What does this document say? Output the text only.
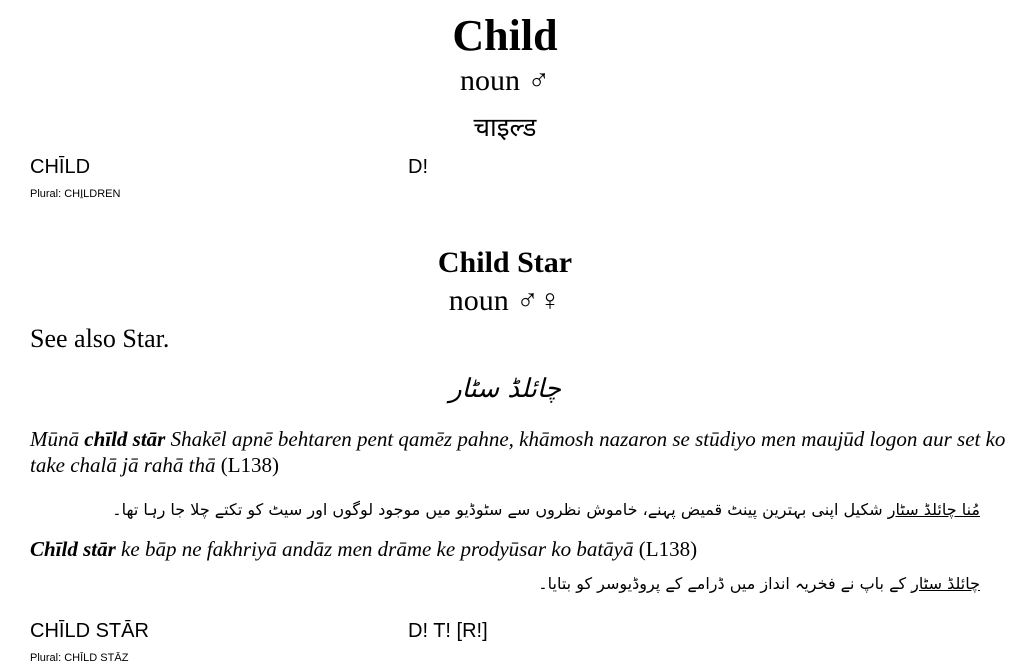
Child
noun ♂
चाइल्ड
CHĪLD
Plural: CHI̱LDREN
D!
Child Star
noun ♂♀
See also Star.
چائلڈ سٹار
Mūnā chīld stār Shakēl apnē behtaren pent qamēz pahne, khāmosh nazaron se stūdiyo men maujūd logon aur set ko take chalā jā rahā thā (L138)
مُنا چائلڈ سٹار شکیل اپنی بہترین پینٹ قمیض پہنے، خاموش نظروں سے سٹوڈیو میں موجود لوگوں اور سیٹ کو تکتے چلا جا رہا تھا۔
Chīld stār ke bāp ne fakhriyā andāz men drāme ke prodyūsar ko batāyā (L138)
چائلڈ سٹار کے باپ نے فخریہ انداز میں ڈرامے کے پروڈیوسر کو بتایا۔
CHĪLD STĀR
Plural: CHĪLD STĀZ
D! T! [R!]
